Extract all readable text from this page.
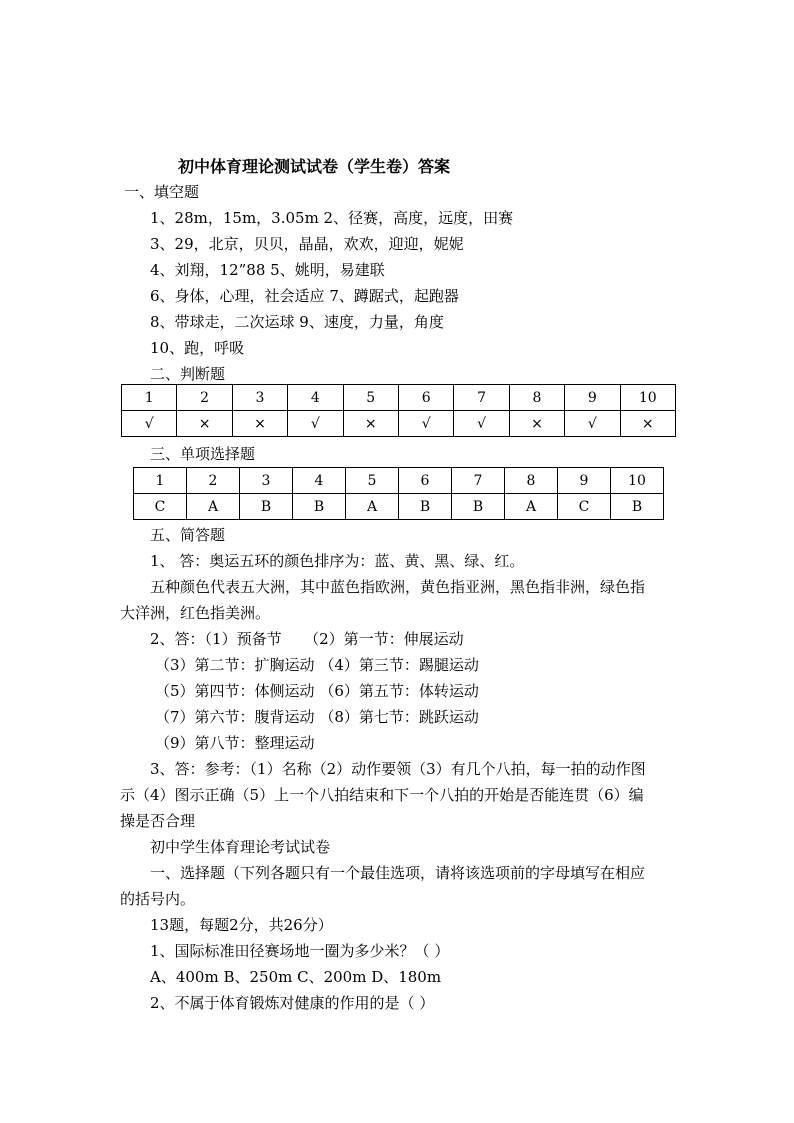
初中体育理论测试试卷（学生卷）答案
一、填空题
1、28m，15m，3.05m 2、径赛，高度，远度，田赛
3、29，北京，贝贝，晶晶，欢欢，迎迎，妮妮
4、刘翔，12”88 5、姚明，易建联
6、身体，心理，社会适应 7、蹲踞式，起跑器
8、带球走，二次运球 9、速度，力量，角度
10、跑，呼吸
二、判断题
1	2	3	4	5	6	7	8	9	10
√	×	×	√	×	√	√	×	√	×
三、单项选择题
1	2	3	4	5	6	7	8	9	10
C	A	B	B	A	B	B	A	C	B
五、简答题
1、 答：奥运五环的颜色排序为：蓝、黄、黑、绿、红。
五种颜色代表五大洲，其中蓝色指欧洲，黄色指亚洲，黑色指非洲，绿色指
大洋洲，红色指美洲。
2、答：（1）预备节　　（2）第一节：伸展运动
（3）第二节：扩胸运动 （4）第三节：踢腿运动
（5）第四节：体侧运动 （6）第五节：体转运动
（7）第六节：腹背运动 （8）第七节：跳跃运动
（9）第八节：整理运动
3、答：参考：（1）名称（2）动作要领（3）有几个八拍，每一拍的动作图
示（4）图示正确（5）上一个八拍结束和下一个八拍的开始是否能连贯（6）编
操是否合理
初中学生体育理论考试试卷
一、选择题（下列各题只有一个最佳选项，请将该选项前的字母填写在相应
的括号内。
13题，每题2分，共26分）
1、国际标准田径赛场地一圈为多少米？（ ）
A、400m B、250m C、200m D、180m
2、不属于体育锻炼对健康的作用的是（ ）
